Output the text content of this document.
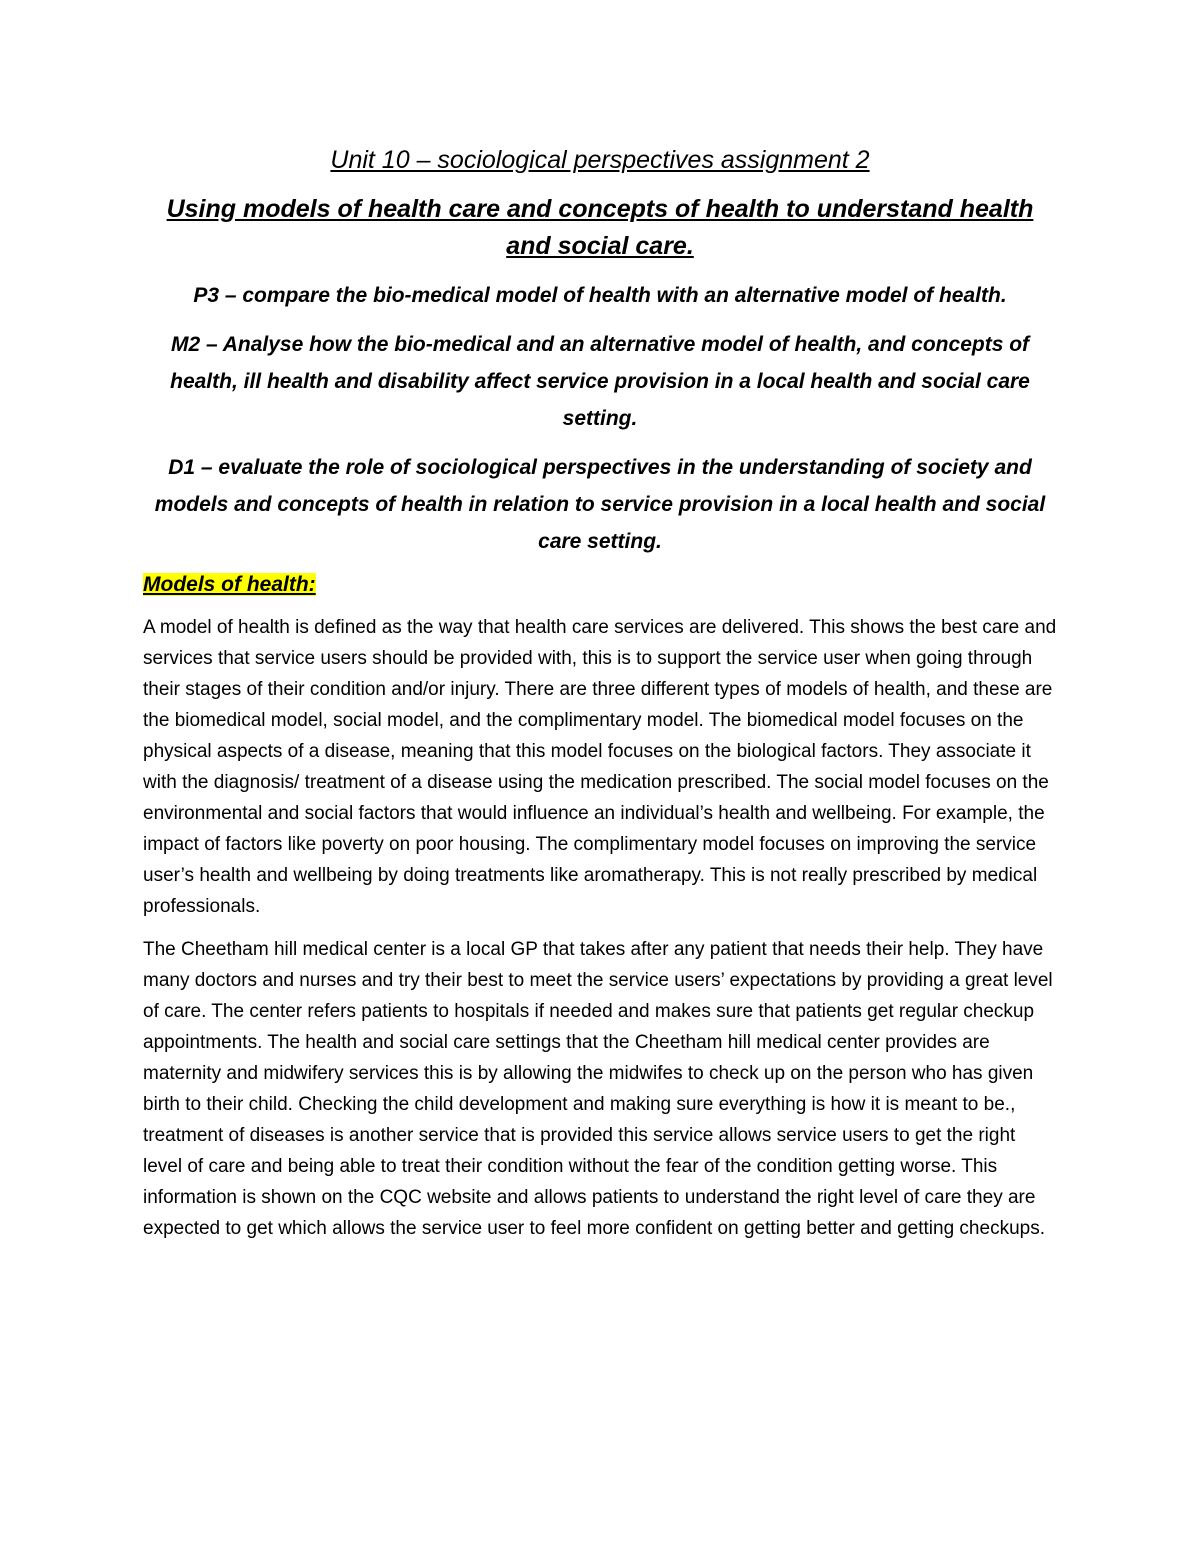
Unit 10 – sociological perspectives assignment 2
Using models of health care and concepts of health to understand health and social care.

P3 – compare the bio-medical model of health with an alternative model of health.

M2 – Analyse how the bio-medical and an alternative model of health, and concepts of health, ill health and disability affect service provision in a local health and social care setting.

D1 – evaluate the role of sociological perspectives in the understanding of society and models and concepts of health in relation to service provision in a local health and social care setting.

Models of health:

A model of health is defined as the way that health care services are delivered. This shows the best care and services that service users should be provided with, this is to support the service user when going through their stages of their condition and/or injury. There are three different types of models of health, and these are the biomedical model, social model, and the complimentary model. The biomedical model focuses on the physical aspects of a disease, meaning that this model focuses on the biological factors. They associate it with the diagnosis/ treatment of a disease using the medication prescribed. The social model focuses on the environmental and social factors that would influence an individual’s health and wellbeing. For example, the impact of factors like poverty on poor housing. The complimentary model focuses on improving the service user’s health and wellbeing by doing treatments like aromatherapy. This is not really prescribed by medical professionals.

The Cheetham hill medical center is a local GP that takes after any patient that needs their help. They have many doctors and nurses and try their best to meet the service users’ expectations by providing a great level of care. The center refers patients to hospitals if needed and makes sure that patients get regular checkup appointments. The health and social care settings that the Cheetham hill medical center provides are maternity and midwifery services this is by allowing the midwifes to check up on the person who has given birth to their child. Checking the child development and making sure everything is how it is meant to be., treatment of diseases is another service that is provided this service allows service users to get the right level of care and being able to treat their condition without the fear of the condition getting worse. This information is shown on the CQC website and allows patients to understand the right level of care they are expected to get which allows the service user to feel more confident on getting better and getting checkups.
